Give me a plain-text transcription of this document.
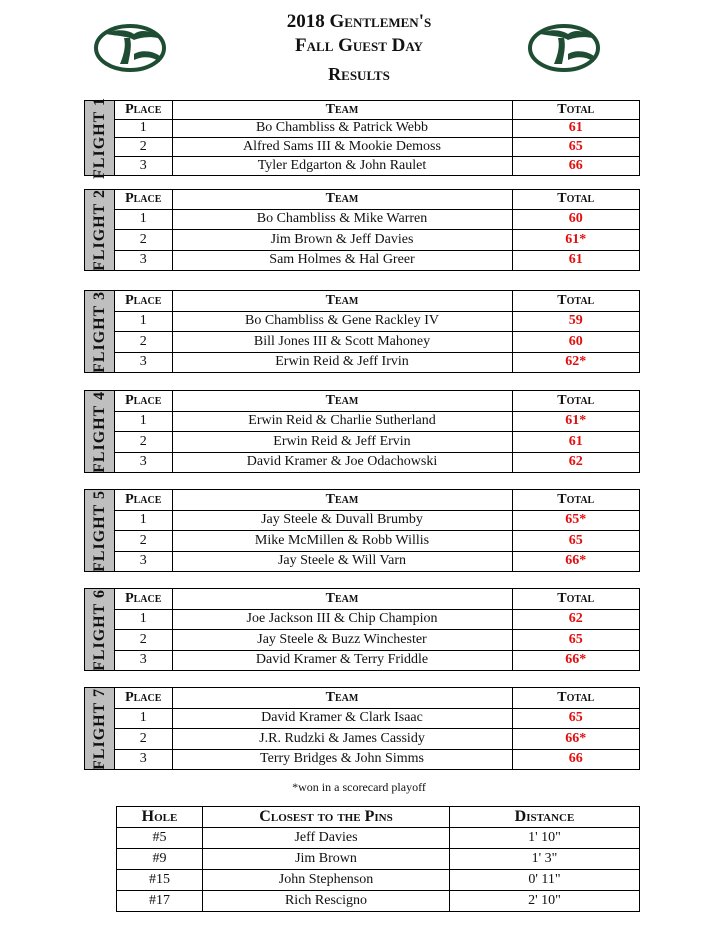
2018 Gentlemen's
Fall Guest Day
Results
FLIGHT 1 Place	Team	Total
1	Bo Chambliss & Patrick Webb	61
2	Alfred Sams III & Mookie Demoss	65
3	Tyler Edgarton & John Raulet	66
FLIGHT 2 Place	Team	Total
1	Bo Chambliss & Mike Warren	60
2	Jim Brown & Jeff Davies	61*
3	Sam Holmes & Hal Greer	61
FLIGHT 3 Place	Team	Total
1	Bo Chambliss & Gene Rackley IV	59
2	Bill Jones III & Scott Mahoney	60
3	Erwin Reid & Jeff Irvin	62*
FLIGHT 4 Place	Team	Total
1	Erwin Reid & Charlie Sutherland	61*
2	Erwin Reid & Jeff Ervin	61
3	David Kramer & Joe Odachowski	62
FLIGHT 5 Place	Team	Total
1	Jay Steele & Duvall Brumby	65*
2	Mike McMillen & Robb Willis	65
3	Jay Steele & Will Varn	66*
FLIGHT 6 Place	Team	Total
1	Joe Jackson III & Chip Champion	62
2	Jay Steele & Buzz Winchester	65
3	David Kramer & Terry Friddle	66*
FLIGHT 7 Place	Team	Total
1	David Kramer & Clark Isaac	65
2	J.R. Rudzki & James Cassidy	66*
3	Terry Bridges & John Simms	66
*won in a scorecard playoff
Hole	Closest to the Pins	Distance
#5	Jeff Davies	1' 10"
#9	Jim Brown	1' 3"
#15	John Stephenson	0' 11"
#17	Rich Rescigno	2' 10"
